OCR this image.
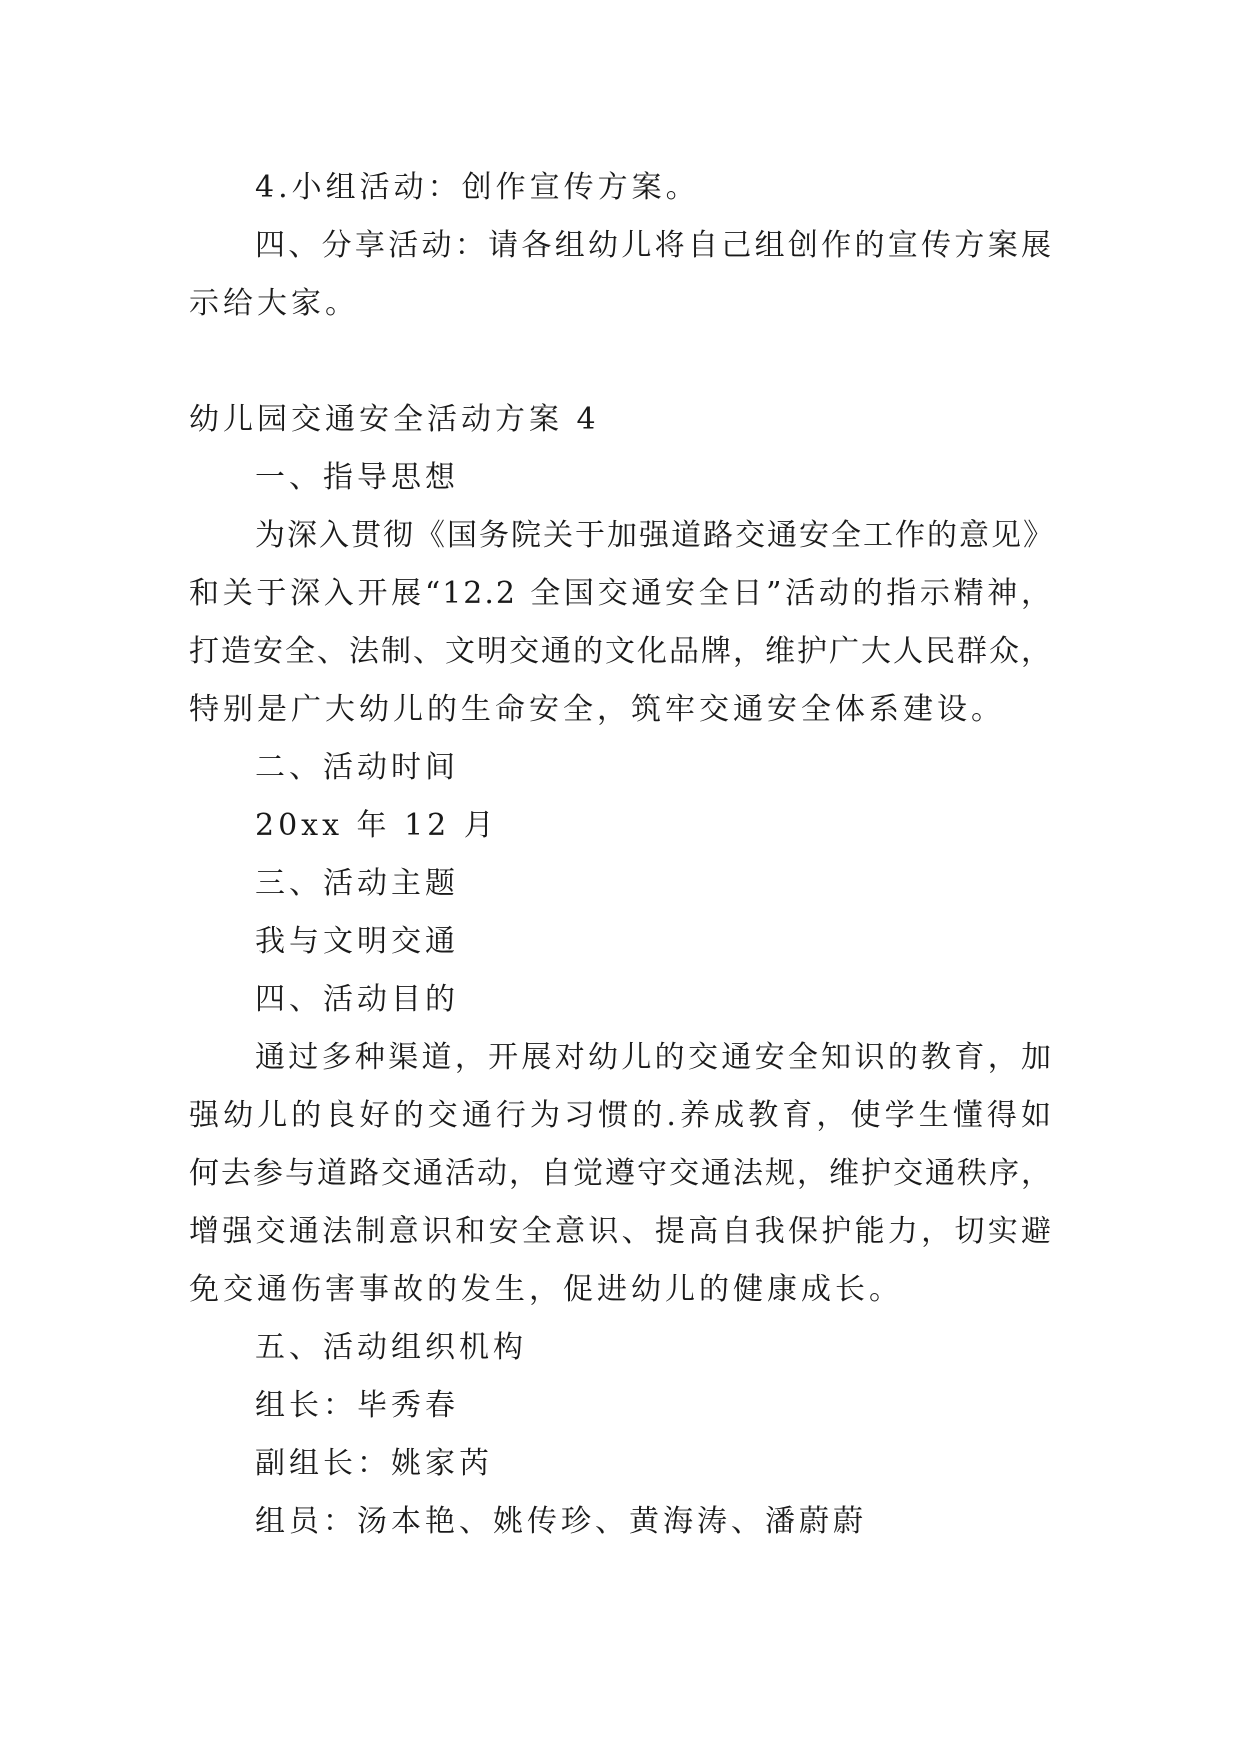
4.小组活动：创作宣传方案。
四、分享活动：请各组幼儿将自己组创作的宣传方案展
示给大家。
幼儿园交通安全活动方案 4
一、指导思想
为深入贯彻《国务院关于加强道路交通安全工作的意见》
和关于深入开展“12.2 全国交通安全日”活动的指示精神，
打造安全、法制、文明交通的文化品牌，维护广大人民群众，
特别是广大幼儿的生命安全，筑牢交通安全体系建设。
二、活动时间
20xx 年 12 月
三、活动主题
我与文明交通
四、活动目的
通过多种渠道，开展对幼儿的交通安全知识的教育，加
强幼儿的良好的交通行为习惯的.养成教育，使学生懂得如
何去参与道路交通活动，自觉遵守交通法规，维护交通秩序，
增强交通法制意识和安全意识、提高自我保护能力，切实避
免交通伤害事故的发生，促进幼儿的健康成长。
五、活动组织机构
组长：毕秀春
副组长：姚家芮
组员：汤本艳、姚传珍、黄海涛、潘蔚蔚
